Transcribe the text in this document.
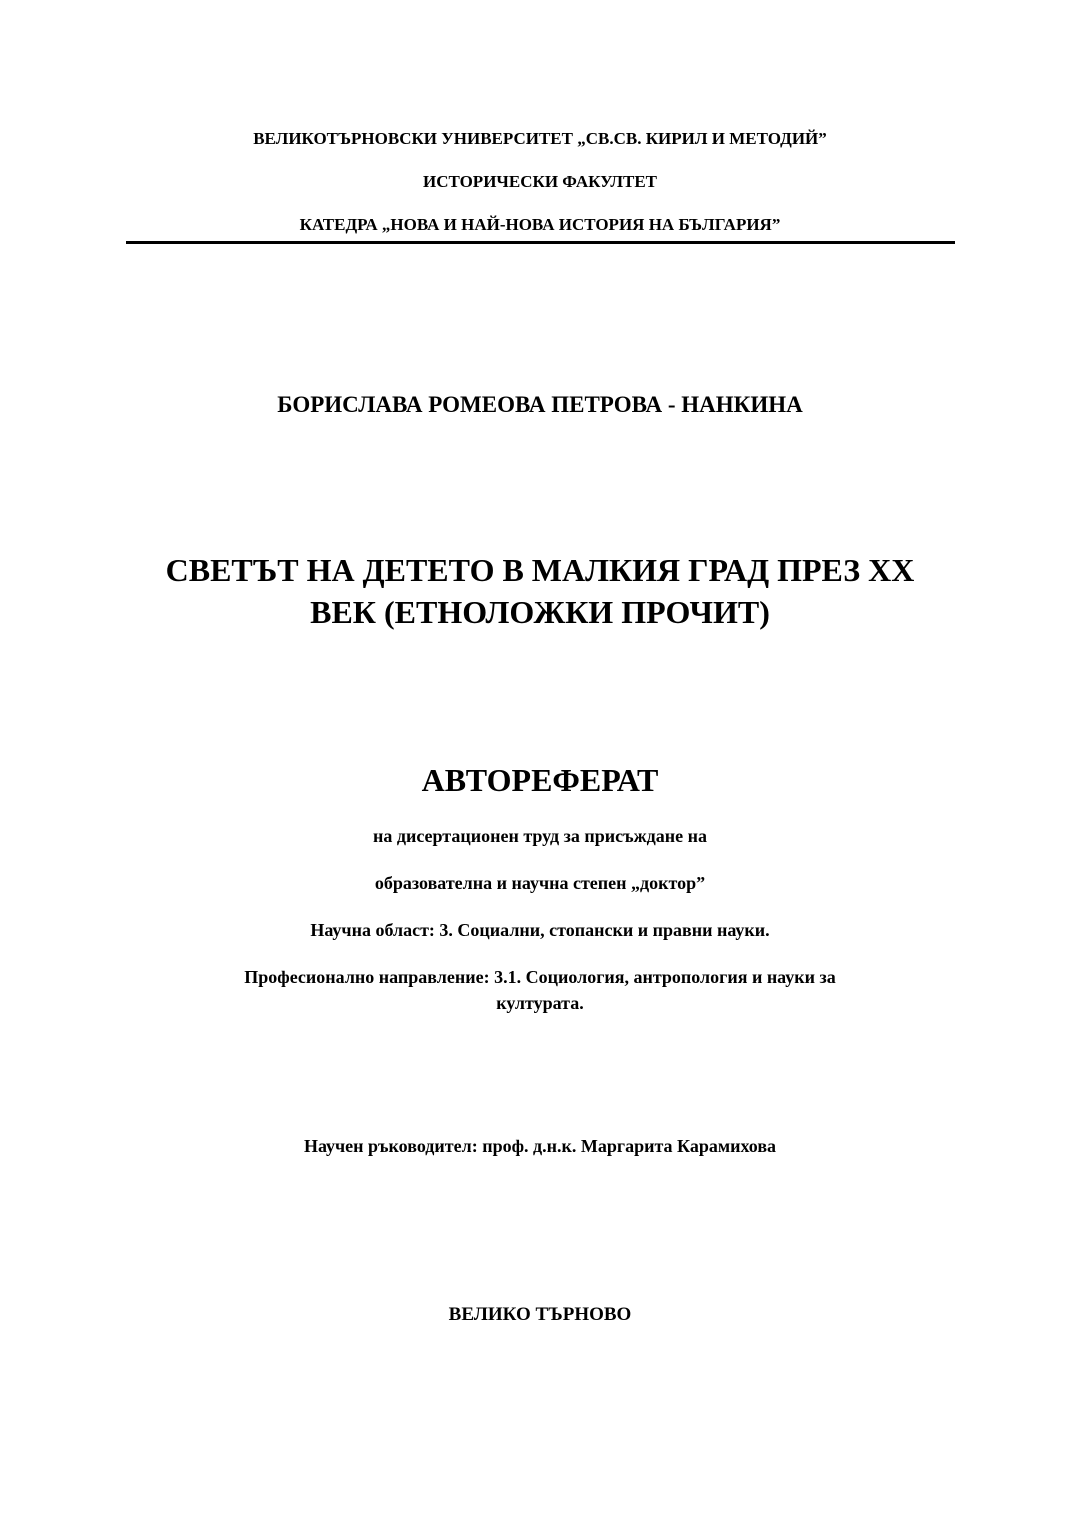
ВЕЛИКОТЪРНОВСКИ УНИВЕРСИТЕТ „СВ.СВ. КИРИЛ И МЕТОДИЙ”
ИСТОРИЧЕСКИ ФАКУЛТЕТ
КАТЕДРА „НОВА И НАЙ-НОВА ИСТОРИЯ НА БЪЛГАРИЯ”
БОРИСЛАВА РОМЕОВА ПЕТРОВА - НАНКИНА
СВЕТЪТ НА ДЕТЕТО В МАЛКИЯ ГРАД ПРЕЗ ХХ
ВЕК (ЕТНОЛОЖКИ ПРОЧИТ)
АВТОРЕФЕРАТ
на дисертационен труд за присъждане на
образователна и научна степен „доктор”
Научна област: 3. Социални, стопански и правни науки.
Професионално направление: 3.1. Социология, антропология и науки за
културата.
Научен ръководител: проф. д.н.к. Маргарита Карамихова
ВЕЛИКО ТЪРНОВО
